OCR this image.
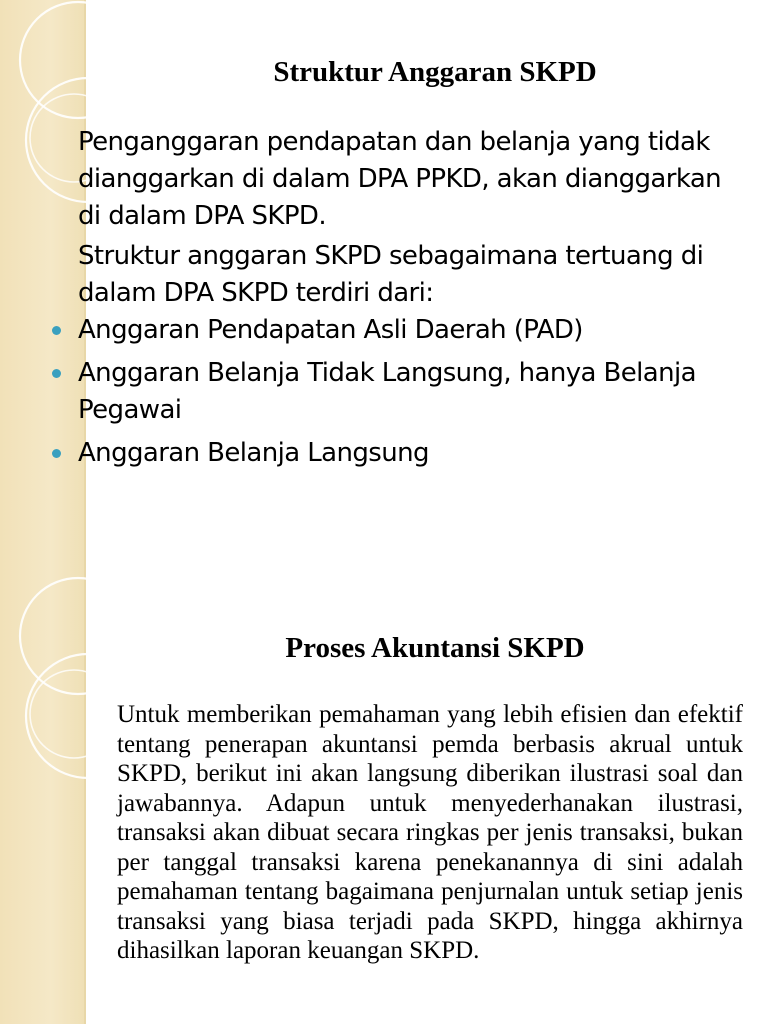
Struktur Anggaran SKPD

Penganggaran pendapatan dan belanja yang tidak dianggarkan di dalam DPA PPKD, akan dianggarkan di dalam DPA SKPD.

Struktur anggaran SKPD sebagaimana tertuang di dalam DPA SKPD terdiri dari:

Anggaran Pendapatan Asli Daerah (PAD)
Anggaran Belanja Tidak Langsung, hanya Belanja Pegawai
Anggaran Belanja Langsung
Proses Akuntansi SKPD
Untuk memberikan pemahaman yang lebih efisien dan efektif tentang penerapan akuntansi pemda berbasis akrual untuk SKPD, berikut ini akan langsung diberikan ilustrasi soal dan jawabannya. Adapun untuk menyederhanakan ilustrasi, transaksi akan dibuat secara ringkas per jenis transaksi, bukan per tanggal transaksi karena penekanannya di sini adalah pemahaman tentang bagaimana penjurnalan untuk setiap jenis transaksi yang biasa terjadi pada SKPD, hingga akhirnya dihasilkan laporan keuangan SKPD.
